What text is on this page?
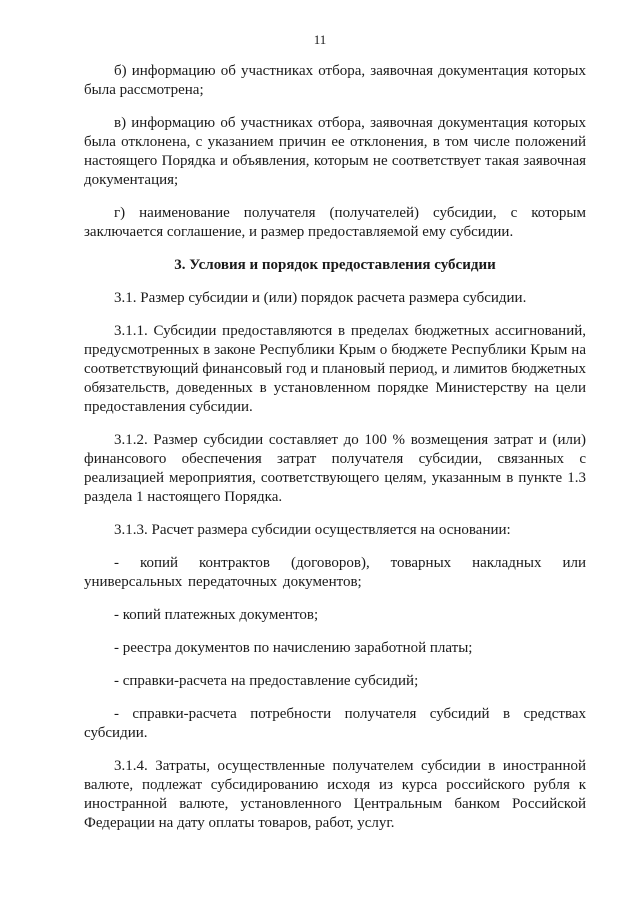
11

б) информацию об участниках отбора, заявочная документация которых была рассмотрена;

в) информацию об участниках отбора, заявочная документация которых была отклонена, с указанием причин ее отклонения, в том числе положений настоящего Порядка и объявления, которым не соответствует такая заявочная документация;

г) наименование получателя (получателей) субсидии, с которым заключается соглашение, и размер предоставляемой ему субсидии.

3. Условия и порядок предоставления субсидии

3.1. Размер субсидии и (или) порядок расчета размера субсидии.

3.1.1. Субсидии предоставляются в пределах бюджетных ассигнований, предусмотренных в законе Республики Крым о бюджете Республики Крым на соответствующий финансовый год и плановый период, и лимитов бюджетных обязательств, доведенных в установленном порядке Министерству на цели предоставления субсидии.

3.1.2. Размер субсидии составляет до 100 % возмещения затрат и (или) финансового обеспечения затрат получателя субсидии, связанных с реализацией мероприятия, соответствующего целям, указанным в пункте 1.3 раздела 1 настоящего Порядка.

3.1.3. Расчет размера субсидии осуществляется на основании:

- копий контрактов (договоров), товарных накладных или универсальных передаточных документов;

- копий платежных документов;

- реестра документов по начислению заработной платы;

- справки-расчета на предоставление субсидий;

- справки-расчета потребности получателя субсидий в средствах субсидии.

3.1.4. Затраты, осуществленные получателем субсидии в иностранной валюте, подлежат субсидированию исходя из курса российского рубля к иностранной валюте, установленного Центральным банком Российской Федерации на дату оплаты товаров, работ, услуг.
